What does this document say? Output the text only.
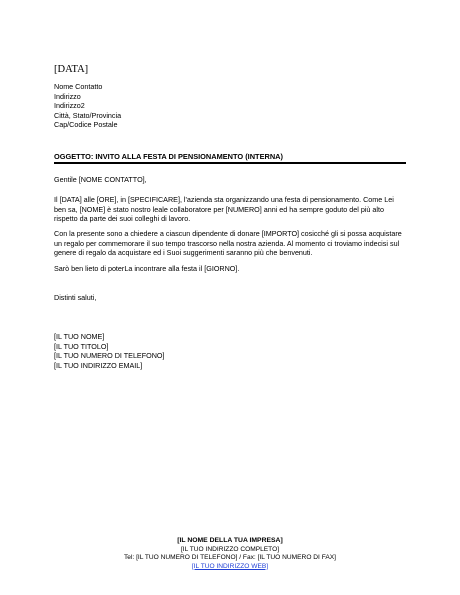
[DATA]
Nome Contatto
Indirizzo
Indirizzo2
Città, Stato/Provincia
Cap/Codice Postale
OGGETTO: INVITO ALLA FESTA DI PENSIONAMENTO (INTERNA)
Gentile [NOME CONTATTO],
Il [DATA] alle [ORE], in [SPECIFICARE], l'azienda sta organizzando una festa di pensionamento. Come Lei ben sa, [NOME] è stato nostro leale collaboratore per [NUMERO] anni ed ha sempre goduto del più alto rispetto da parte dei suoi colleghi di lavoro.
Con la presente sono a chiedere a ciascun dipendente di donare [IMPORTO] cosicché gli si possa acquistare un regalo per commemorare il suo tempo trascorso nella nostra azienda. Al momento ci troviamo indecisi sul genere di regalo da acquistare ed i Suoi suggerimenti saranno più che benvenuti.
Sarò ben lieto di poterLa incontrare alla festa il [GIORNO].
Distinti saluti,
[IL TUO NOME]
[IL TUO TITOLO]
[IL TUO NUMERO DI TELEFONO]
[IL TUO INDIRIZZO EMAIL]
[IL NOME DELLA TUA IMPRESA]
[IL TUO INDIRIZZO COMPLETO]
Tel: [IL TUO NUMERO DI TELEFONO] / Fax: [IL TUO NUMERO DI FAX]
[IL TUO INDIRIZZO WEB]
